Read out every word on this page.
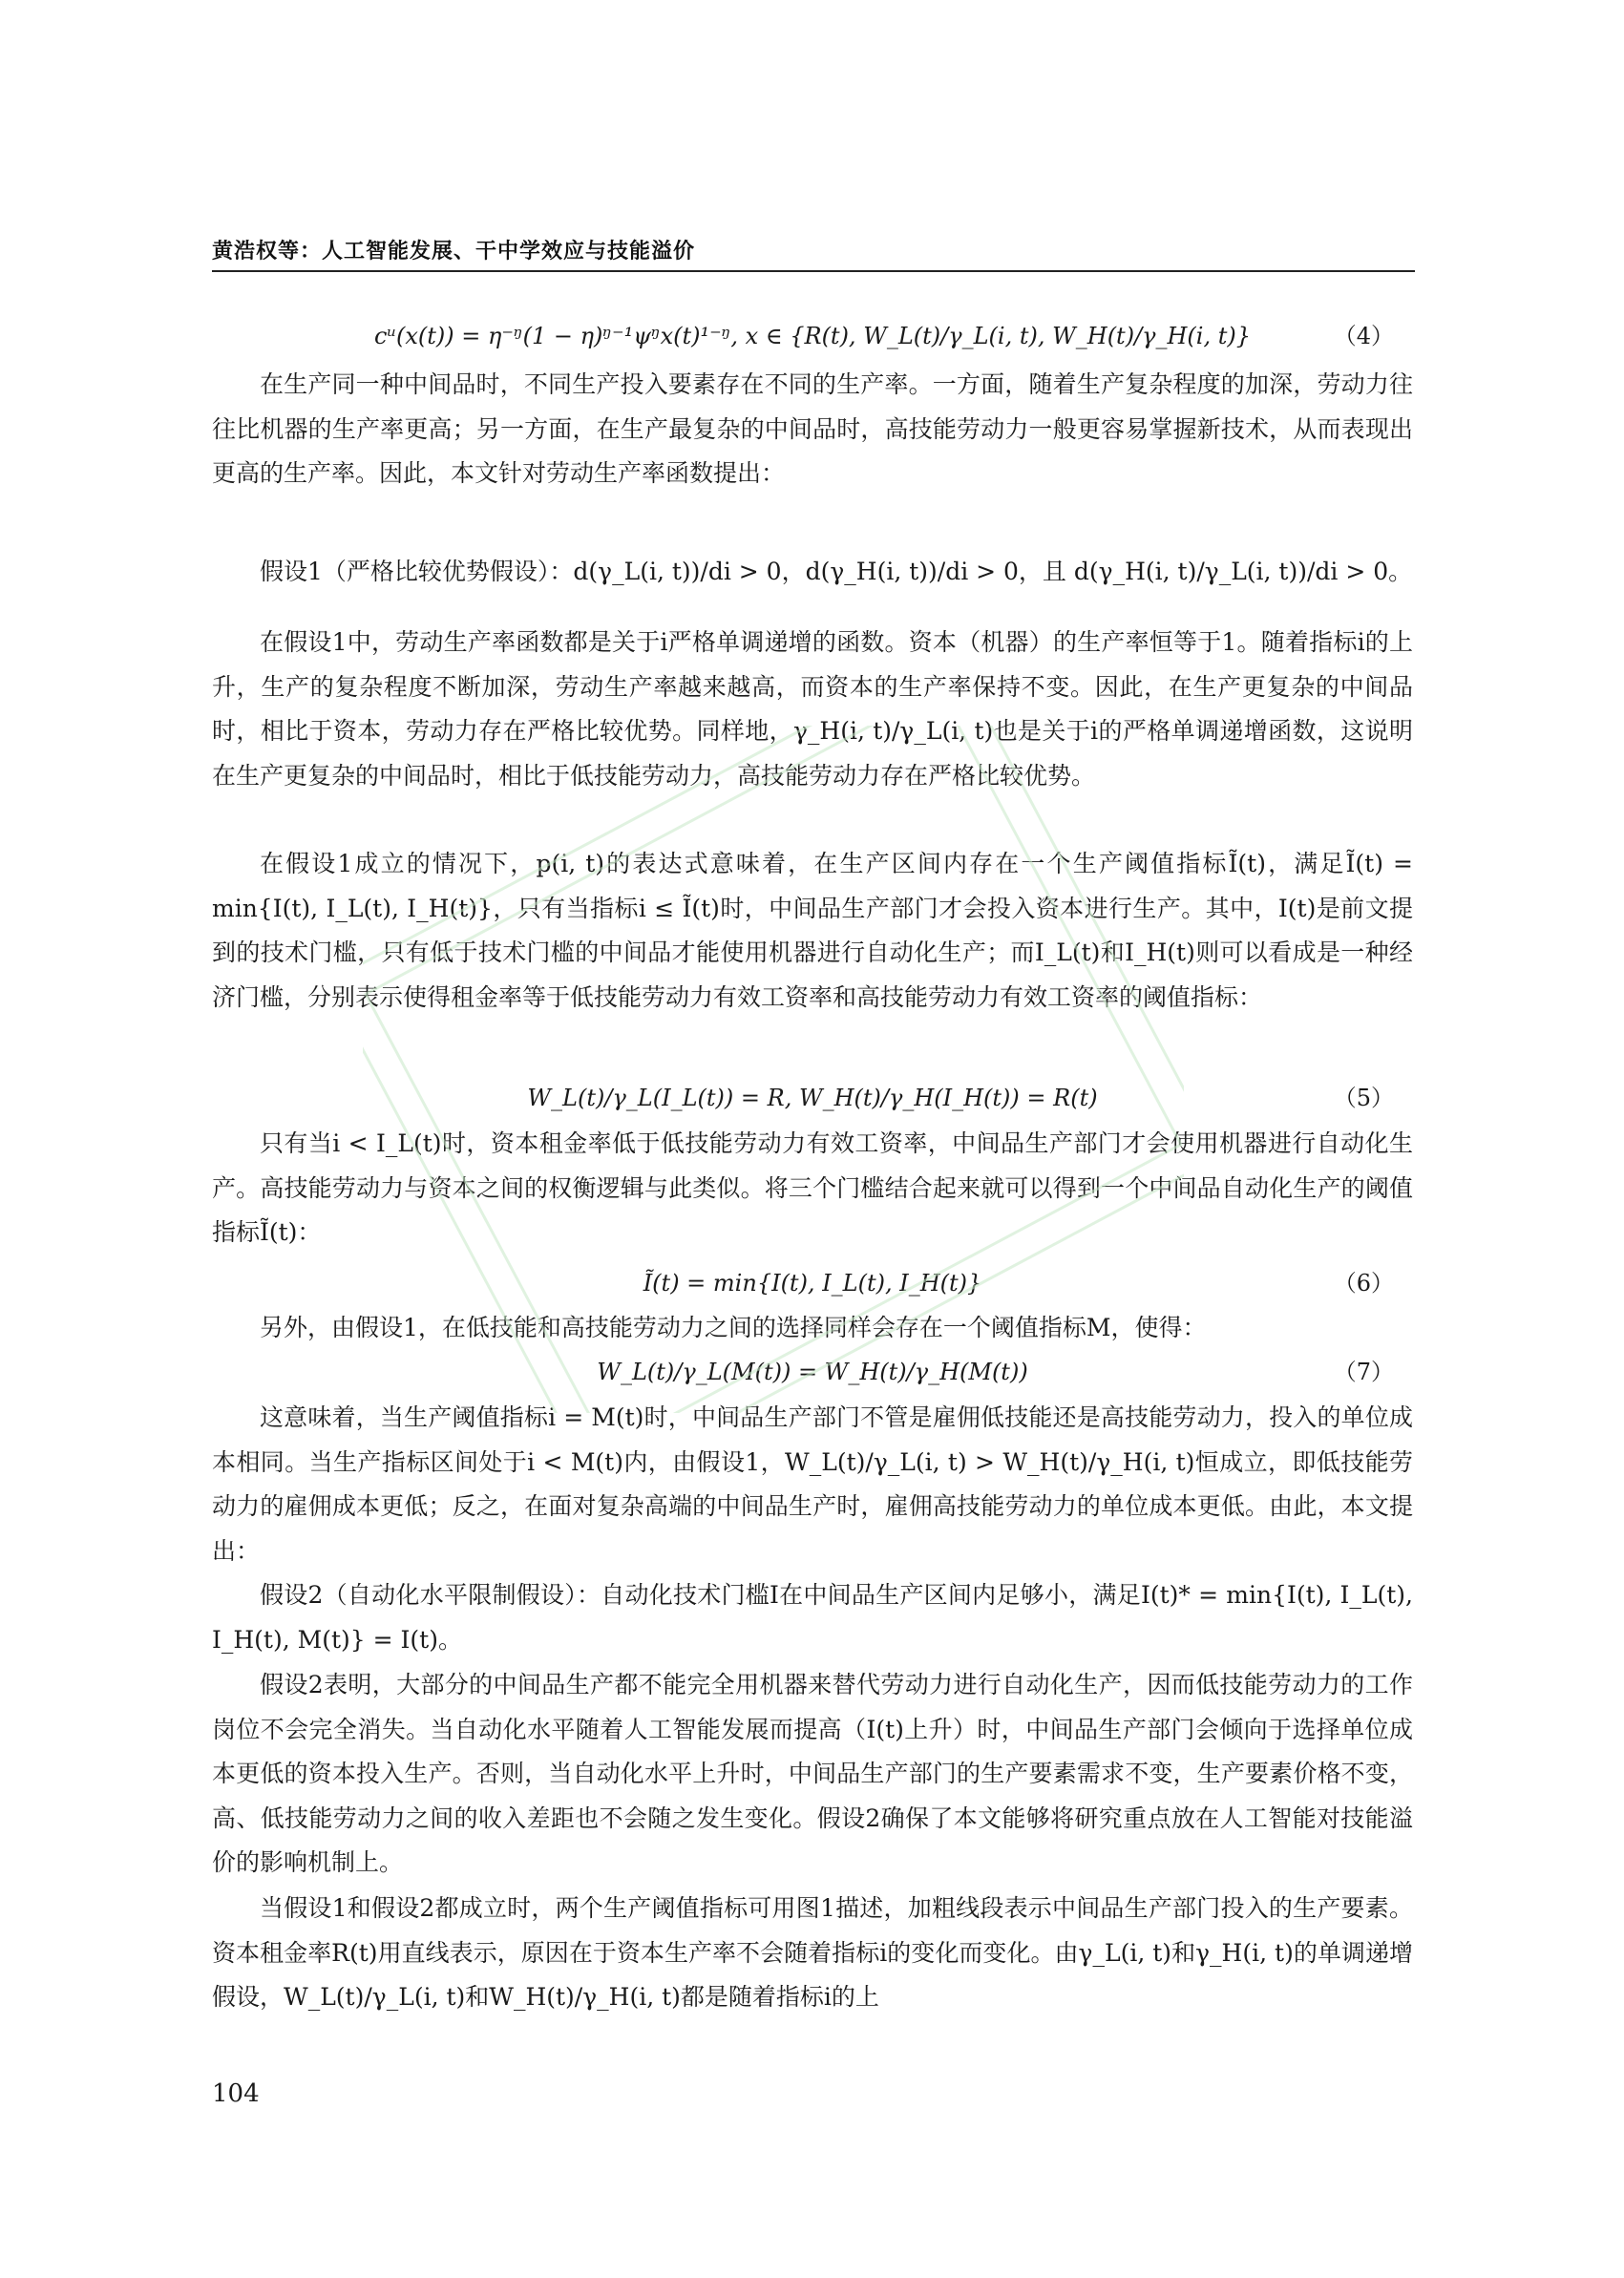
黄浩权等：人工智能发展、干中学效应与技能溢价
cᵘ(x(t)) = η⁻ᵑ(1 − η)ᵑ⁻¹ψᵑx(t)¹⁻ᵑ, x ∈ {R(t), W_L(t)/γ_L(i, t), W_H(t)/γ_H(i, t)}	（4）

在生产同一种中间品时，不同生产投入要素存在不同的生产率。一方面，随着生产复杂程度的加深，劳动力往往比机器的生产率更高；另一方面，在生产最复杂的中间品时，高技能劳动力一般更容易掌握新技术，从而表现出更高的生产率。因此，本文针对劳动生产率函数提出：

假设1（严格比较优势假设）：d(γ_L(i, t))/di > 0，d(γ_H(i, t))/di > 0，且 d(γ_H(i, t)/γ_L(i, t))/di > 0。

在假设1中，劳动生产率函数都是关于i严格单调递增的函数。资本（机器）的生产率恒等于1。随着指标i的上升，生产的复杂程度不断加深，劳动生产率越来越高，而资本的生产率保持不变。因此，在生产更复杂的中间品时，相比于资本，劳动力存在严格比较优势。同样地，γ_H(i, t)/γ_L(i, t)也是关于i的严格单调递增函数，这说明在生产更复杂的中间品时，相比于低技能劳动力，高技能劳动力存在严格比较优势。

在假设1成立的情况下，p(i, t)的表达式意味着，在生产区间内存在一个生产阈值指标Ĩ(t)，满足Ĩ(t) = min{I(t), I_L(t), I_H(t)}，只有当指标i ≤ Ĩ(t)时，中间品生产部门才会投入资本进行生产。其中，I(t)是前文提到的技术门槛，只有低于技术门槛的中间品才能使用机器进行自动化生产；而I_L(t)和I_H(t)则可以看成是一种经济门槛，分别表示使得租金率等于低技能劳动力有效工资率和高技能劳动力有效工资率的阈值指标：

W_L(t)/γ_L(I_L(t)) = R, W_H(t)/γ_H(I_H(t)) = R(t)	（5）

只有当i < I_L(t)时，资本租金率低于低技能劳动力有效工资率，中间品生产部门才会使用机器进行自动化生产。高技能劳动力与资本之间的权衡逻辑与此类似。将三个门槛结合起来就可以得到一个中间品自动化生产的阈值指标Ĩ(t)：

Ĩ(t) = min{I(t), I_L(t), I_H(t)}	（6）

另外，由假设1，在低技能和高技能劳动力之间的选择同样会存在一个阈值指标M，使得：

W_L(t)/γ_L(M(t)) = W_H(t)/γ_H(M(t))	（7）

这意味着，当生产阈值指标i = M(t)时，中间品生产部门不管是雇佣低技能还是高技能劳动力，投入的单位成本相同。当生产指标区间处于i < M(t)内，由假设1，W_L(t)/γ_L(i, t) > W_H(t)/γ_H(i, t)恒成立，即低技能劳动力的雇佣成本更低；反之，在面对复杂高端的中间品生产时，雇佣高技能劳动力的单位成本更低。由此，本文提出：

假设2（自动化水平限制假设）：自动化技术门槛I在中间品生产区间内足够小，满足I(t)* = min{I(t), I_L(t), I_H(t), M(t)} = I(t)。

假设2表明，大部分的中间品生产都不能完全用机器来替代劳动力进行自动化生产，因而低技能劳动力的工作岗位不会完全消失。当自动化水平随着人工智能发展而提高（I(t)上升）时，中间品生产部门会倾向于选择单位成本更低的资本投入生产。否则，当自动化水平上升时，中间品生产部门的生产要素需求不变，生产要素价格不变，高、低技能劳动力之间的收入差距也不会随之发生变化。假设2确保了本文能够将研究重点放在人工智能对技能溢价的影响机制上。

当假设1和假设2都成立时，两个生产阈值指标可用图1描述，加粗线段表示中间品生产部门投入的生产要素。资本租金率R(t)用直线表示，原因在于资本生产率不会随着指标i的变化而变化。由γ_L(i, t)和γ_H(i, t)的单调递增假设，W_L(t)/γ_L(i, t)和W_H(t)/γ_H(i, t)都是随着指标i的上

104
